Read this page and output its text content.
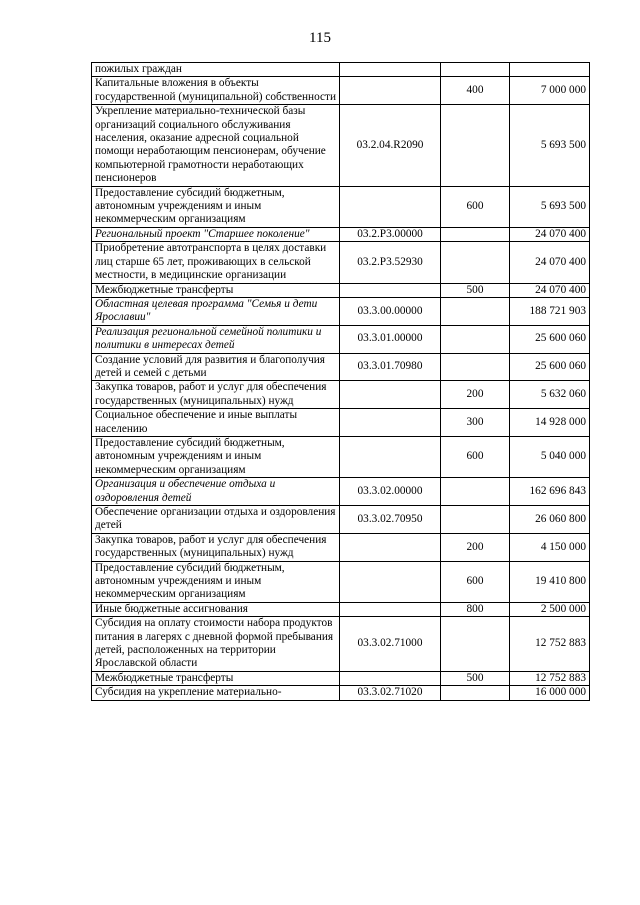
115
пожилых граждан			
Капитальные вложения в объекты государственной (муниципальной) собственности		400	7 000 000
Укрепление материально-технической базы организаций социального обслуживания населения, оказание адресной социальной помощи неработающим пенсионерам, обучение компьютерной грамотности неработающих пенсионеров	03.2.04.R2090		5 693 500
Предоставление субсидий бюджетным, автономным учреждениям и иным некоммерческим организациям		600	5 693 500
Региональный проект "Старшее поколение"	03.2.P3.00000		24 070 400
Приобретение автотранспорта в целях доставки лиц старше 65 лет, проживающих в сельской местности, в медицинские организации	03.2.P3.52930		24 070 400
Межбюджетные трансферты		500	24 070 400
Областная целевая программа "Семья и дети Ярославии"	03.3.00.00000		188 721 903
Реализация региональной семейной политики и политики в интересах детей	03.3.01.00000		25 600 060
Создание условий для развития и благополучия детей и семей с детьми	03.3.01.70980		25 600 060
Закупка товаров, работ и услуг для обеспечения государственных (муниципальных) нужд		200	5 632 060
Социальное обеспечение и иные выплаты населению		300	14 928 000
Предоставление субсидий бюджетным, автономным учреждениям и иным некоммерческим организациям		600	5 040 000
Организация и обеспечение отдыха и оздоровления детей	03.3.02.00000		162 696 843
Обеспечение организации отдыха и оздоровления детей	03.3.02.70950		26 060 800
Закупка товаров, работ и услуг для обеспечения государственных (муниципальных) нужд		200	4 150 000
Предоставление субсидий бюджетным, автономным учреждениям и иным некоммерческим организациям		600	19 410 800
Иные бюджетные ассигнования		800	2 500 000
Субсидия на оплату стоимости набора продуктов питания в лагерях с дневной формой пребывания детей, расположенных на территории Ярославской области	03.3.02.71000		12 752 883
Межбюджетные трансферты		500	12 752 883
Субсидия на укрепление материально-	03.3.02.71020		16 000 000
